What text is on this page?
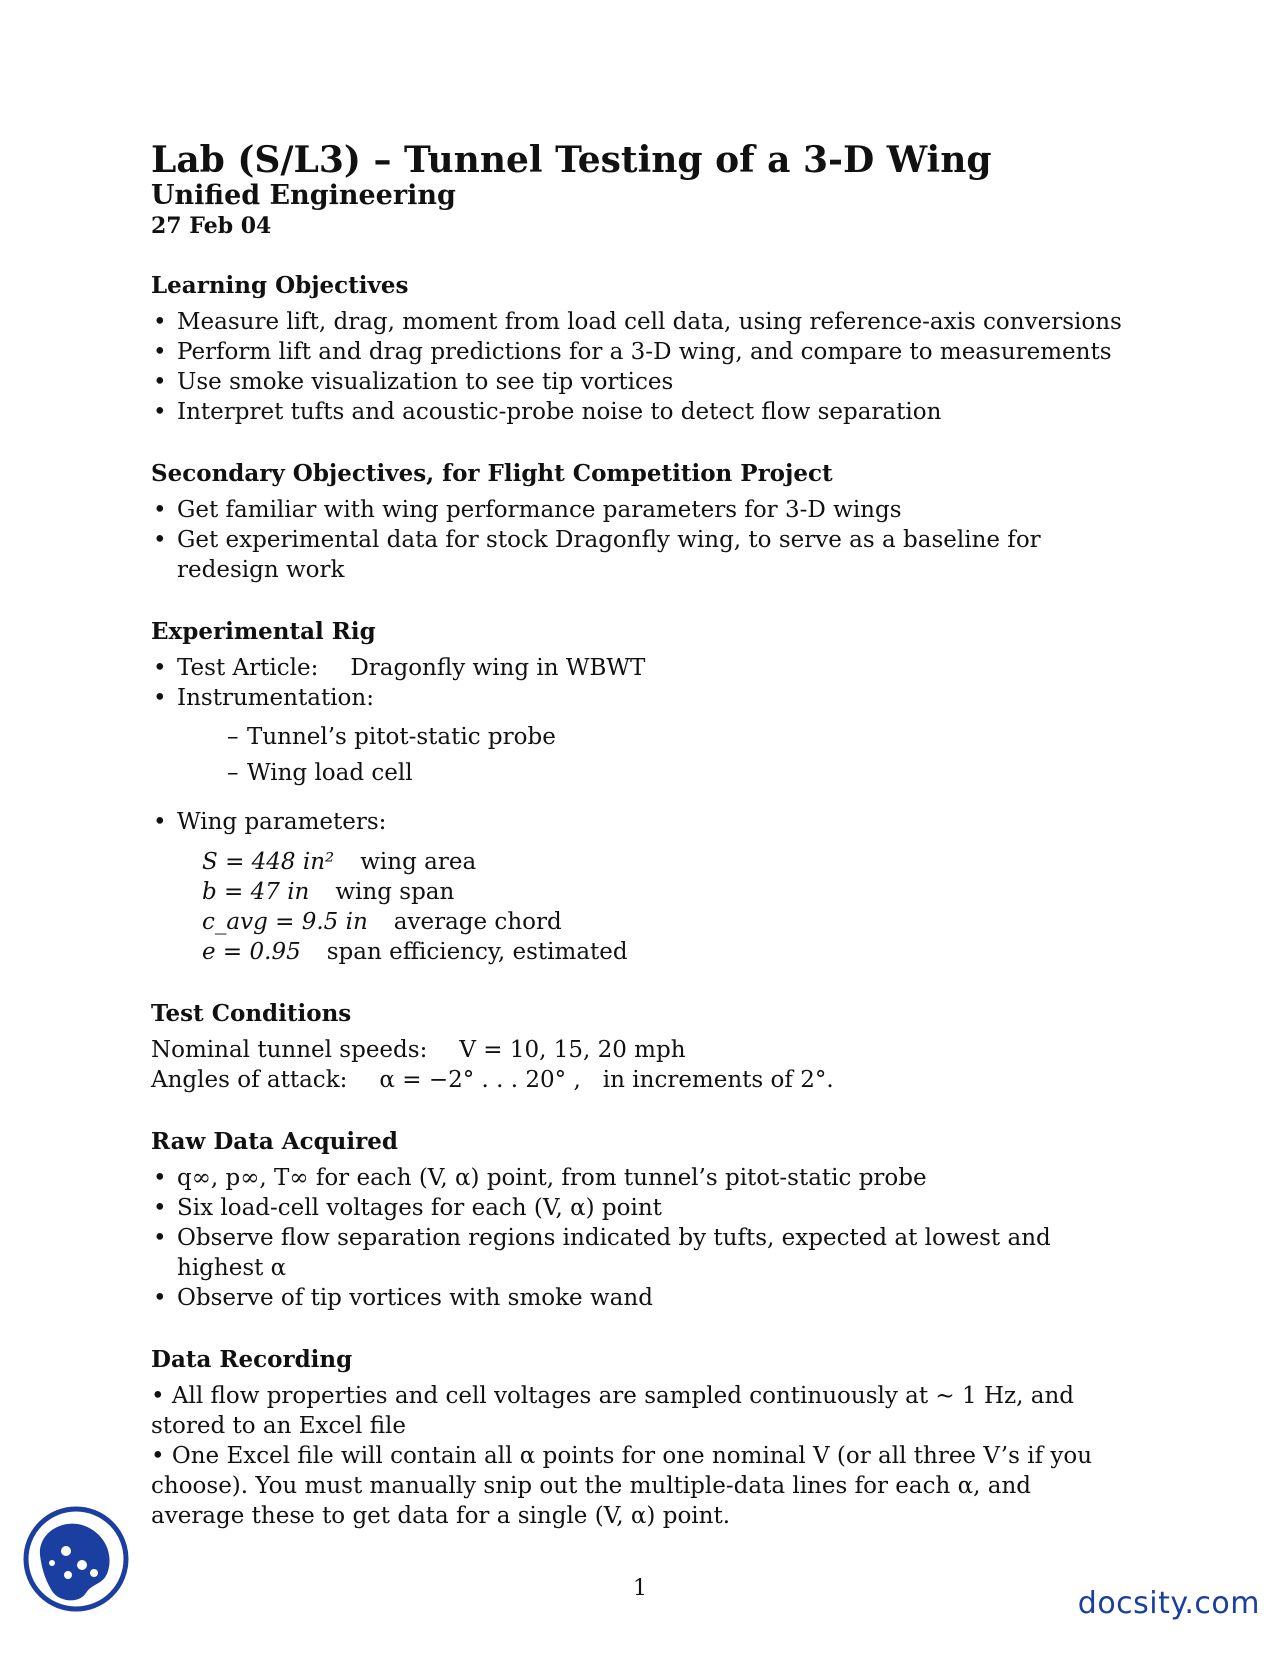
Lab (S/L3) – Tunnel Testing of a 3-D Wing
Unified Engineering
27 Feb 04
Learning Objectives
• Measure lift, drag, moment from load cell data, using reference-axis conversions
• Perform lift and drag predictions for a 3-D wing, and compare to measurements
• Use smoke visualization to see tip vortices
• Interpret tufts and acoustic-probe noise to detect flow separation
Secondary Objectives, for Flight Competition Project
• Get familiar with wing performance parameters for 3-D wings
• Get experimental data for stock Dragonfly wing, to serve as a baseline for redesign work
Experimental Rig
• Test Article: Dragonfly wing in WBWT
• Instrumentation:
– Tunnel’s pitot-static probe
– Wing load cell
• Wing parameters:
S = 448 in² wing area
b = 47 in wing span
c_avg = 9.5 in average chord
e = 0.95 span efficiency, estimated
Test Conditions
Nominal tunnel speeds: V = 10, 15, 20 mph
Angles of attack: α = −2° . . . 20° , in increments of 2°.
Raw Data Acquired
• q∞, p∞, T∞ for each (V, α) point, from tunnel’s pitot-static probe
• Six load-cell voltages for each (V, α) point
• Observe flow separation regions indicated by tufts, expected at lowest and highest α
• Observe of tip vortices with smoke wand
Data Recording
• All flow properties and cell voltages are sampled continuously at ∼ 1 Hz, and stored to an Excel file
• One Excel file will contain all α points for one nominal V (or all three V’s if you choose). You must manually snip out the multiple-data lines for each α, and average these to get data for a single (V, α) point.
1	docsity.com
